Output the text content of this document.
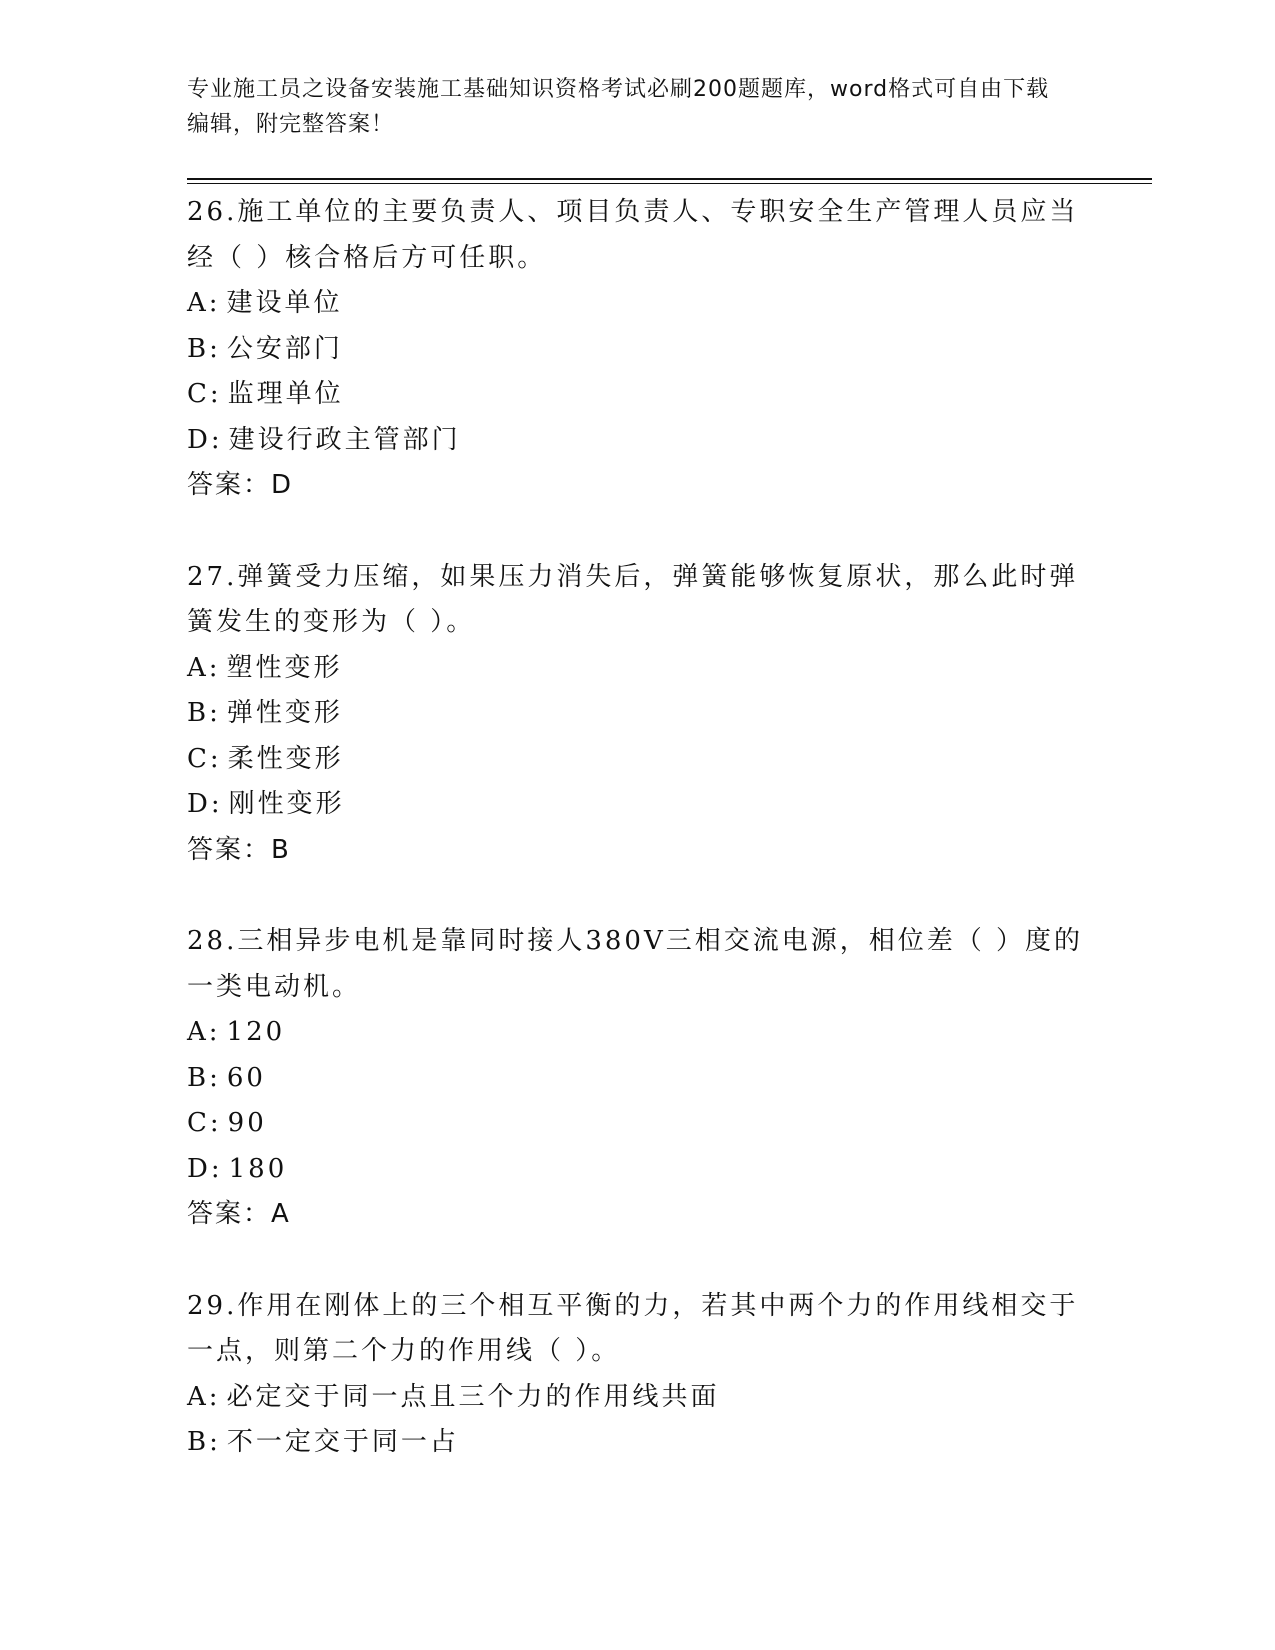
专业施工员之设备安装施工基础知识资格考试必刷200题题库，word格式可自由下载编辑，附完整答案！
26.施工单位的主要负责人、项目负责人、专职安全生产管理人员应当经（ ）核合格后方可任职。
A: 建设单位
B: 公安部门
C: 监理单位
D: 建设行政主管部门
答案：D
27.弹簧受力压缩，如果压力消失后，弹簧能够恢复原状，那么此时弹簧发生的变形为（ ）。
A: 塑性变形
B: 弹性变形
C: 柔性变形
D: 刚性变形
答案：B
28.三相异步电机是靠同时接人380V三相交流电源，相位差（ ）度的一类电动机。
A: 120
B: 60
C: 90
D: 180
答案：A
29.作用在刚体上的三个相互平衡的力，若其中两个力的作用线相交于一点，则第二个力的作用线（ ）。
A: 必定交于同一点且三个力的作用线共面
B: 不一定交于同一占
